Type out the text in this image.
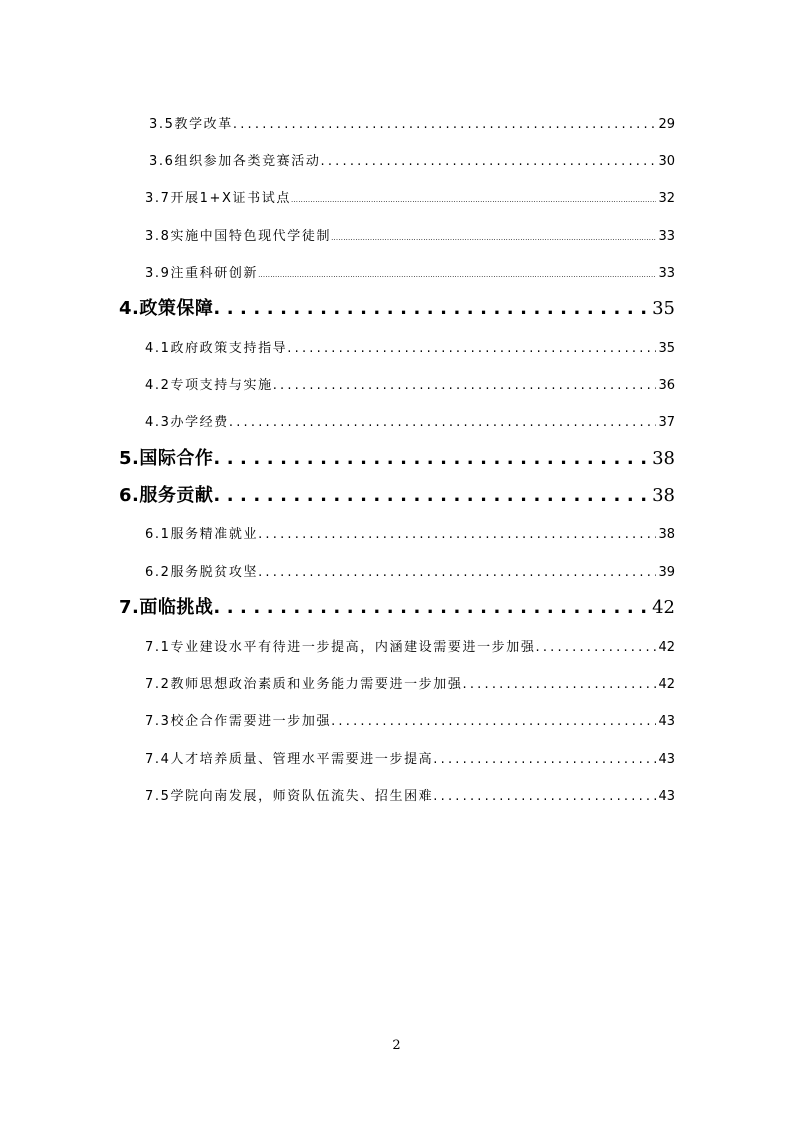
3.5教学改革 .....	29
3.6组织参加各类竞赛活动 .....	30
3.7开展1+X证书试点 .....	32
3.8实施中国特色现代学徒制 .....	33
3.9注重科研创新 .....	33
4.政策保障 .....	35
4.1政府政策支持指导 .....	35
4.2专项支持与实施 .....	36
4.3办学经费 .....	37
5.国际合作 .....	38
6.服务贡献 .....	38
6.1服务精准就业 .....	38
6.2服务脱贫攻坚 .....	39
7.面临挑战 .....	42
7.1专业建设水平有待进一步提高，内涵建设需要进一步加强 .....	42
7.2教师思想政治素质和业务能力需要进一步加强 .....	42
7.3校企合作需要进一步加强 .....	43
7.4人才培养质量、管理水平需要进一步提高 .....	43
7.5学院向南发展，师资队伍流失、招生困难 .....	43
2
